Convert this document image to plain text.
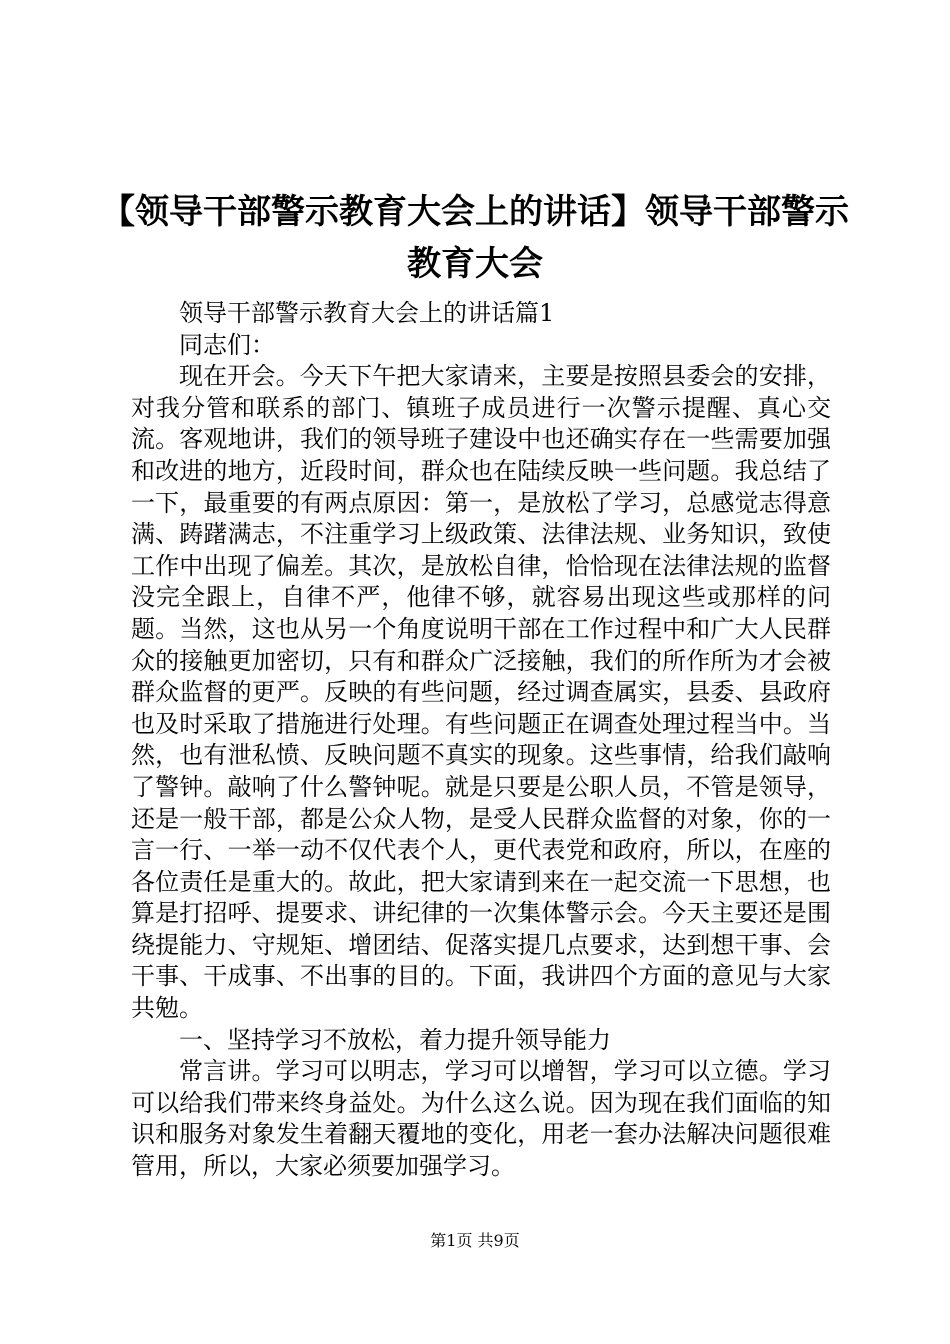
【领导干部警示教育大会上的讲话】领导干部警示教育大会

领导干部警示教育大会上的讲话篇1

同志们：

现在开会。今天下午把大家请来，主要是按照县委会的安排，对我分管和联系的部门、镇班子成员进行一次警示提醒、真心交流。客观地讲，我们的领导班子建设中也还确实存在一些需要加强和改进的地方，近段时间，群众也在陆续反映一些问题。我总结了一下，最重要的有两点原因：第一，是放松了学习，总感觉志得意满、踌躇满志，不注重学习上级政策、法律法规、业务知识，致使工作中出现了偏差。其次，是放松自律，恰恰现在法律法规的监督没完全跟上，自律不严，他律不够，就容易出现这些或那样的问题。当然，这也从另一个角度说明干部在工作过程中和广大人民群众的接触更加密切，只有和群众广泛接触，我们的所作所为才会被群众监督的更严。反映的有些问题，经过调查属实，县委、县政府也及时采取了措施进行处理。有些问题正在调查处理过程当中。当然，也有泄私愤、反映问题不真实的现象。这些事情，给我们敲响了警钟。敲响了什么警钟呢。就是只要是公职人员，不管是领导，还是一般干部，都是公众人物，是受人民群众监督的对象，你的一言一行、一举一动不仅代表个人，更代表党和政府，所以，在座的各位责任是重大的。故此，把大家请到来在一起交流一下思想，也算是打招呼、提要求、讲纪律的一次集体警示会。今天主要还是围绕提能力、守规矩、增团结、促落实提几点要求，达到想干事、会干事、干成事、不出事的目的。下面，我讲四个方面的意见与大家共勉。

一、坚持学习不放松，着力提升领导能力

常言讲。学习可以明志，学习可以增智，学习可以立德。学习可以给我们带来终身益处。为什么这么说。因为现在我们面临的知识和服务对象发生着翻天覆地的变化，用老一套办法解决问题很难管用，所以，大家必须要加强学习。

第1页 共9页
